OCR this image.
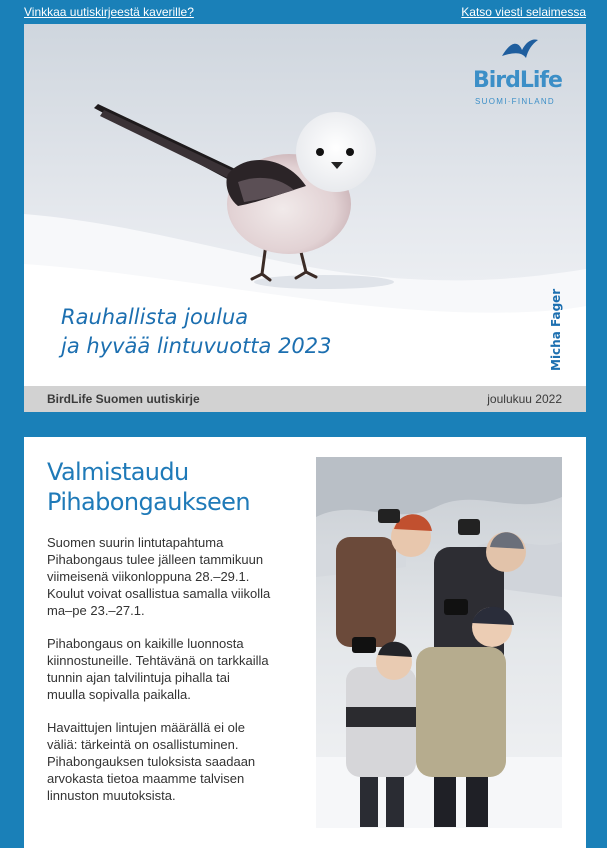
Vinkkaa uutiskirjeestä kaverille?	Katso viesti selaimessa
BirdLife
SUOMI·FINLAND
Rauhallista joulua
ja hyvää lintuvuotta 2023	Micha Fager
BirdLife Suomen uutiskirje	joulukuu 2022
Valmistaudu
Pihabongaukseen
Suomen suurin lintutapahtuma
Pihabongaus tulee jälleen tammikuun
viimeisenä viikonloppuna 28.–29.1.
Koulut voivat osallistua samalla viikolla
ma–pe 23.–27.1.
Pihabongaus on kaikille luonnosta
kiinnostuneille. Tehtävänä on tarkkailla
tunnin ajan talvilintuja pihalla tai
muulla sopivalla paikalla.
Havaittujen lintujen määrällä ei ole
väliä: tärkeintä on osallistuminen.
Pihabongauksen tuloksista saadaan
arvokasta tietoa maamme talvisen
linnuston muutoksista.
